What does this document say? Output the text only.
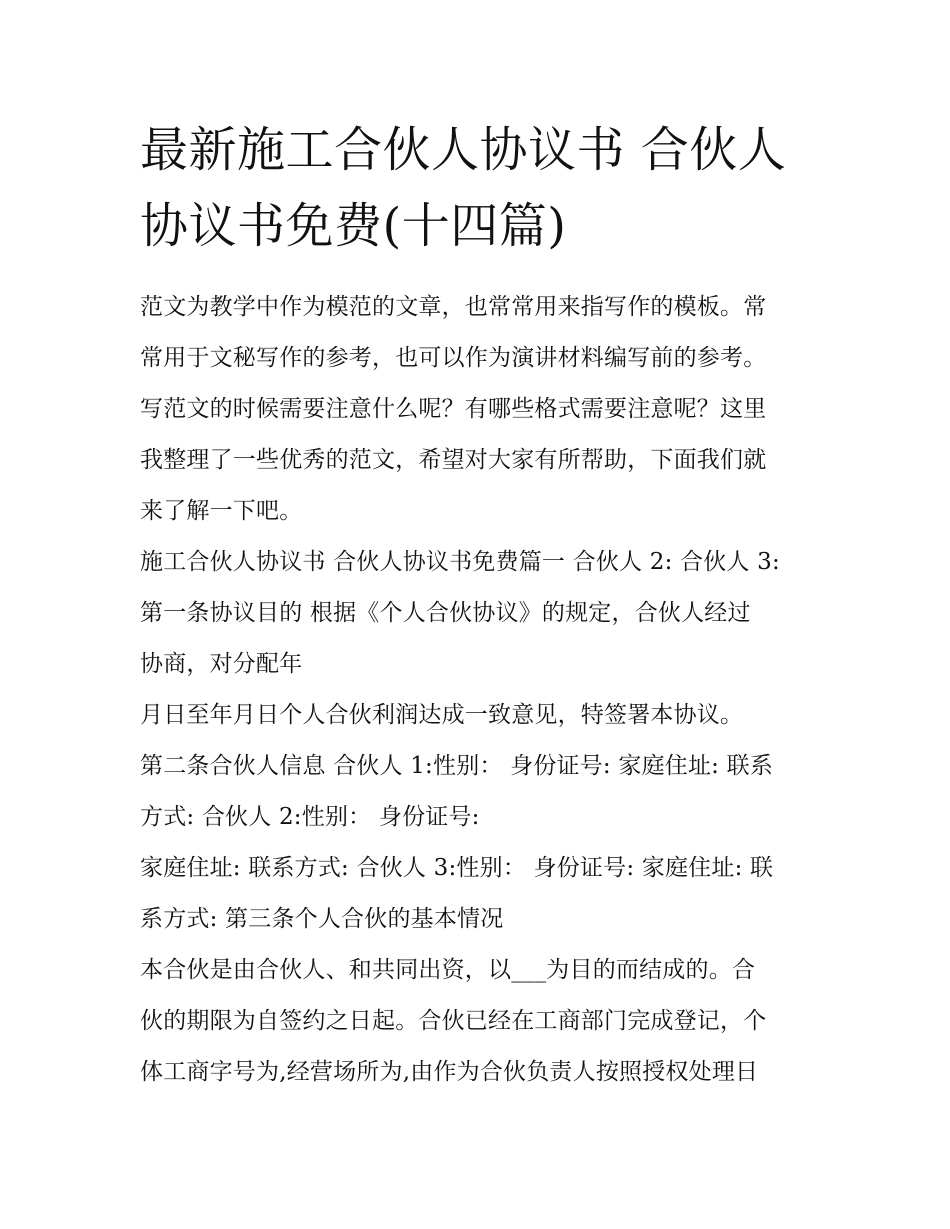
最新施工合伙人协议书 合伙人
协议书免费(十四篇)
范文为教学中作为模范的文章，也常常用来指写作的模板。常
常用于文秘写作的参考，也可以作为演讲材料编写前的参考。
写范文的时候需要注意什么呢？有哪些格式需要注意呢？这里
我整理了一些优秀的范文，希望对大家有所帮助，下面我们就
来了解一下吧。
施工合伙人协议书 合伙人协议书免费篇一 合伙人 2: 合伙人 3:
第一条协议目的 根据《个人合伙协议》的规定，合伙人经过
协商，对分配年
月日至年月日个人合伙利润达成一致意见，特签署本协议。
第二条合伙人信息 合伙人 1:性别： 身份证号: 家庭住址: 联系
方式: 合伙人 2:性别： 身份证号:
家庭住址: 联系方式: 合伙人 3:性别： 身份证号: 家庭住址: 联
系方式: 第三条个人合伙的基本情况
本合伙是由合伙人、和共同出资，以___为目的而结成的。合
伙的期限为自签约之日起。合伙已经在工商部门完成登记，个
体工商字号为,经营场所为,由作为合伙负责人按照授权处理日
